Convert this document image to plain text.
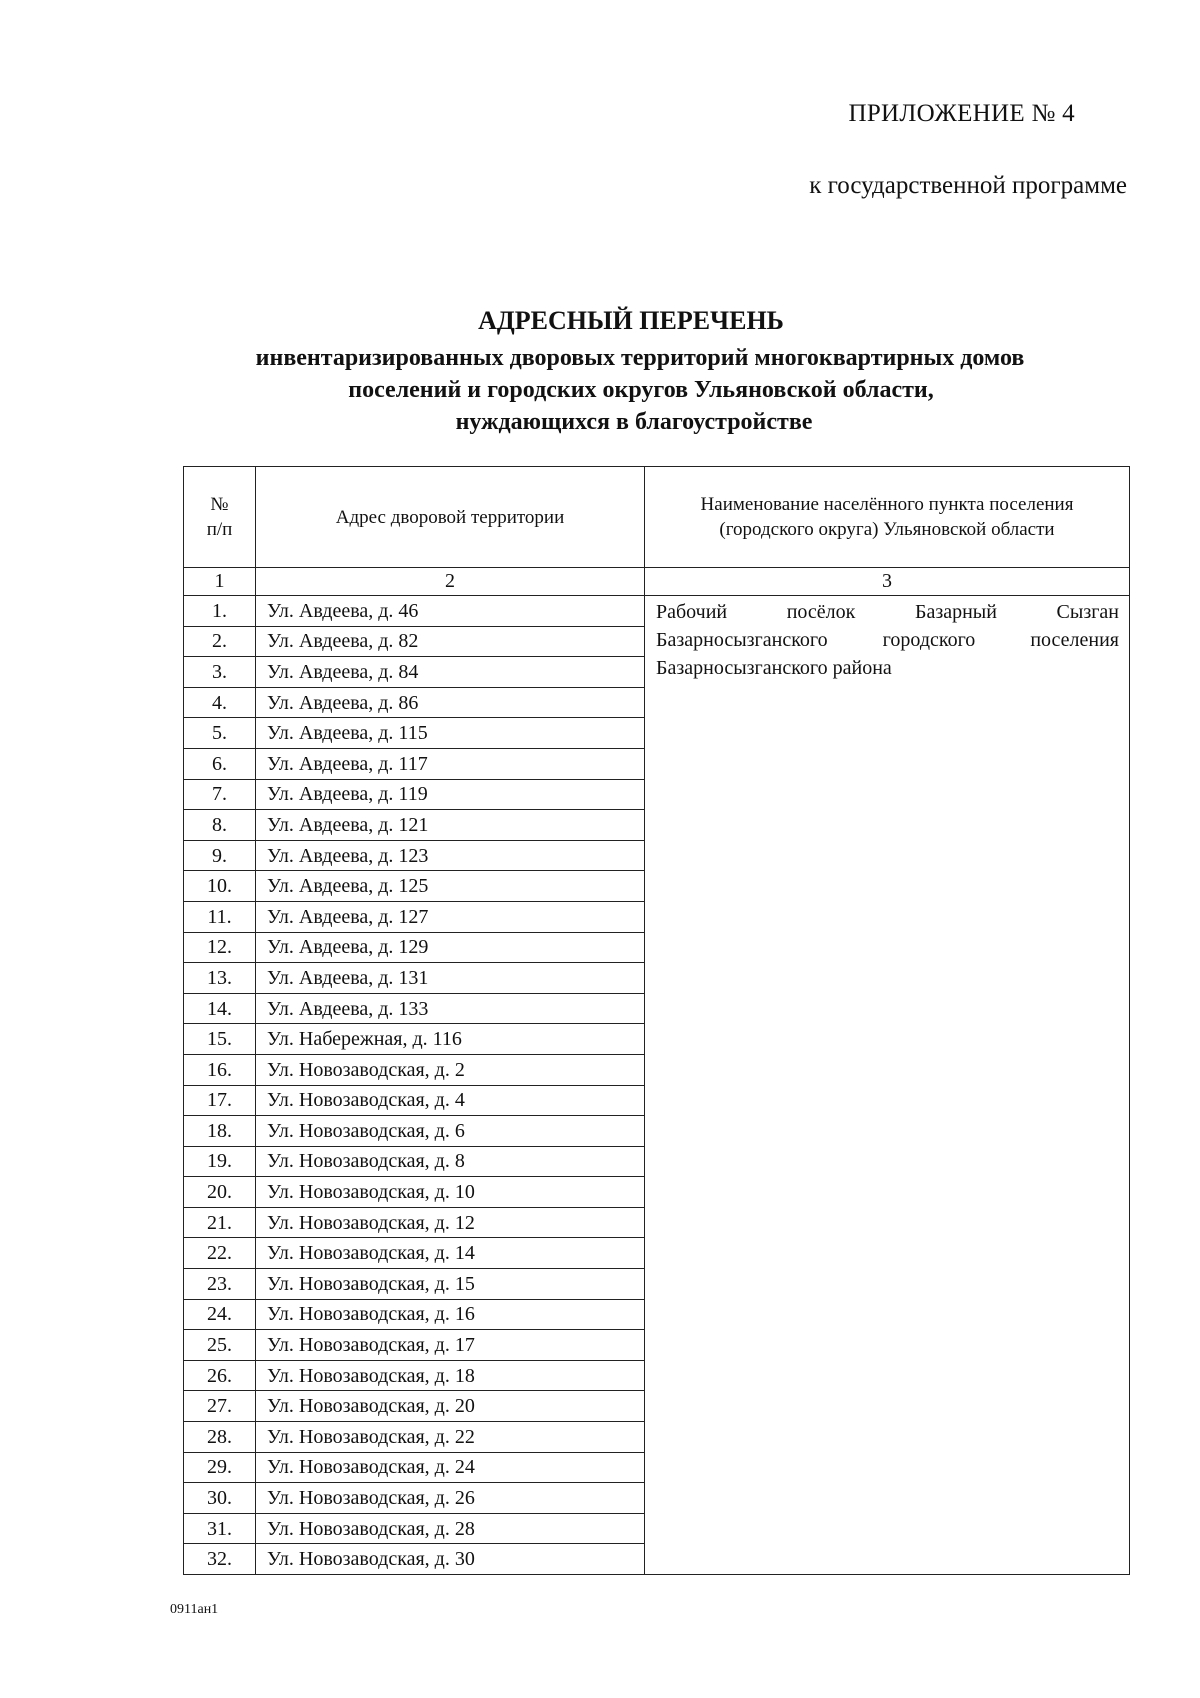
ПРИЛОЖЕНИЕ № 4
к государственной программе
АДРЕСНЫЙ ПЕРЕЧЕНЬ
инвентаризированных дворовых территорий многоквартирных домов
поселений и городских округов Ульяновской области,
нуждающихся в благоустройстве
№
п/п	Адрес дворовой территории	Наименование населённого пункта поселения (городского округа) Ульяновской области
1	2	3
1.	Ул. Авдеева, д. 46	Рабочий посёлок Базарный Сызган Базарносызганского городского поселения Базарносызганского района
2.	Ул. Авдеева, д. 82	
3.	Ул. Авдеева, д. 84	
4.	Ул. Авдеева, д. 86	
5.	Ул. Авдеева, д. 115	
6.	Ул. Авдеева, д. 117	
7.	Ул. Авдеева, д. 119	
8.	Ул. Авдеева, д. 121	
9.	Ул. Авдеева, д. 123	
10.	Ул. Авдеева, д. 125	
11.	Ул. Авдеева, д. 127	
12.	Ул. Авдеева, д. 129	
13.	Ул. Авдеева, д. 131	
14.	Ул. Авдеева, д. 133	
15.	Ул. Набережная, д. 116	
16.	Ул. Новозаводская, д. 2	
17.	Ул. Новозаводская, д. 4	
18.	Ул. Новозаводская, д. 6	
19.	Ул. Новозаводская, д. 8	
20.	Ул. Новозаводская, д. 10	
21.	Ул. Новозаводская, д. 12	
22.	Ул. Новозаводская, д. 14	
23.	Ул. Новозаводская, д. 15	
24.	Ул. Новозаводская, д. 16	
25.	Ул. Новозаводская, д. 17	
26.	Ул. Новозаводская, д. 18	
27.	Ул. Новозаводская, д. 20	
28.	Ул. Новозаводская, д. 22	
29.	Ул. Новозаводская, д. 24	
30.	Ул. Новозаводская, д. 26	
31.	Ул. Новозаводская, д. 28	
32.	Ул. Новозаводская, д. 30	
0911ан1
